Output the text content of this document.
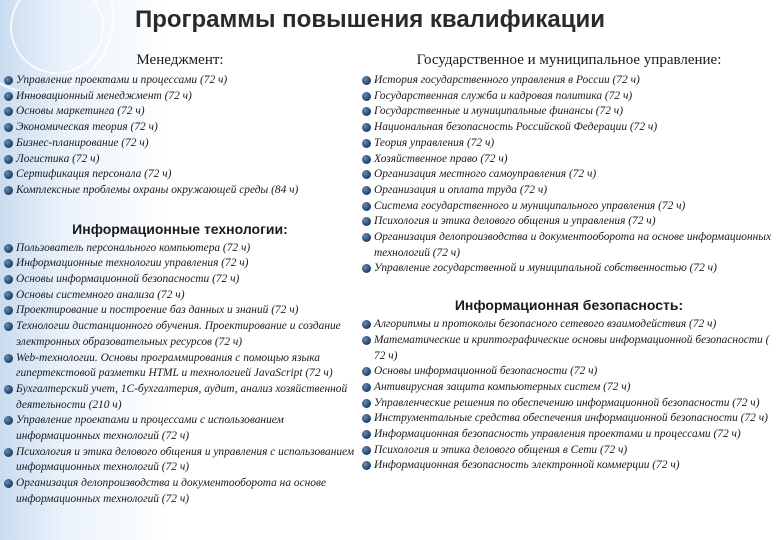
Программы повышения квалификации
Менеджмент:
Управление проектами и процессами (72 ч)
Инновационный менеджмент (72 ч)
Основы маркетинга (72 ч)
Экономическая теория (72 ч)
Бизнес-планирование (72 ч)
Логистика (72 ч)
Сертификация персонала (72 ч)
Комплексные проблемы охраны окружающей среды (84 ч)
Информационные технологии:
Пользователь персонального компьютера (72 ч)
Информационные технологии управления (72 ч)
Основы информационной безопасности (72 ч)
Основы системного анализа (72 ч)
Проектирование и построение баз данных и знаний (72 ч)
Технологии дистанционного обучения. Проектирование и создание электронных образовательных ресурсов (72 ч)
Web-технологии. Основы программирования с помощью языка гипертекстовой разметки HTML и технологией JavaScript (72 ч)
Бухгалтерский учет, 1С-бухгалтерия, аудит, анализ хозяйственной деятельности (210 ч)
Управление проектами и процессами с использованием информационных технологий (72 ч)
Психология и этика делового общения и управления с использованием информационных технологий (72 ч)
Организация делопроизводства и документооборота на основе информационных технологий (72 ч)
Государственное и муниципальное управление:
История государственного управления в России (72 ч)
Государственная служба и кадровая политика (72 ч)
Государственные и муниципальные финансы (72 ч)
Национальная безопасность Российской Федерации (72 ч)
Теория управления (72 ч)
Хозяйственное право (72 ч)
Организация местного самоуправления (72 ч)
Организация и оплата труда (72 ч)
Система государственного и муниципального управления (72 ч)
Психология и этика делового общения и управления (72 ч)
Организация делопроизводства и документооборота на основе информационных технологий (72 ч)
Управление государственной и муниципальной собственностью (72 ч)
Информационная безопасность:
Алгоритмы и протоколы безопасного сетевого взаимодействия (72 ч)
Математические и криптографические основы информационной безопасности ( 72 ч)
Основы информационной безопасности (72 ч)
Антивирусная защита компьютерных систем (72 ч)
Управленческие решения по обеспечению информационной безопасности (72 ч)
Инструментальные средства обеспечения информационной безопасности (72 ч)
Информационная безопасность управления проектами и процессами (72 ч)
Психология и этика делового общения в Сети (72 ч)
Информационная безопасность электронной коммерции (72 ч)
